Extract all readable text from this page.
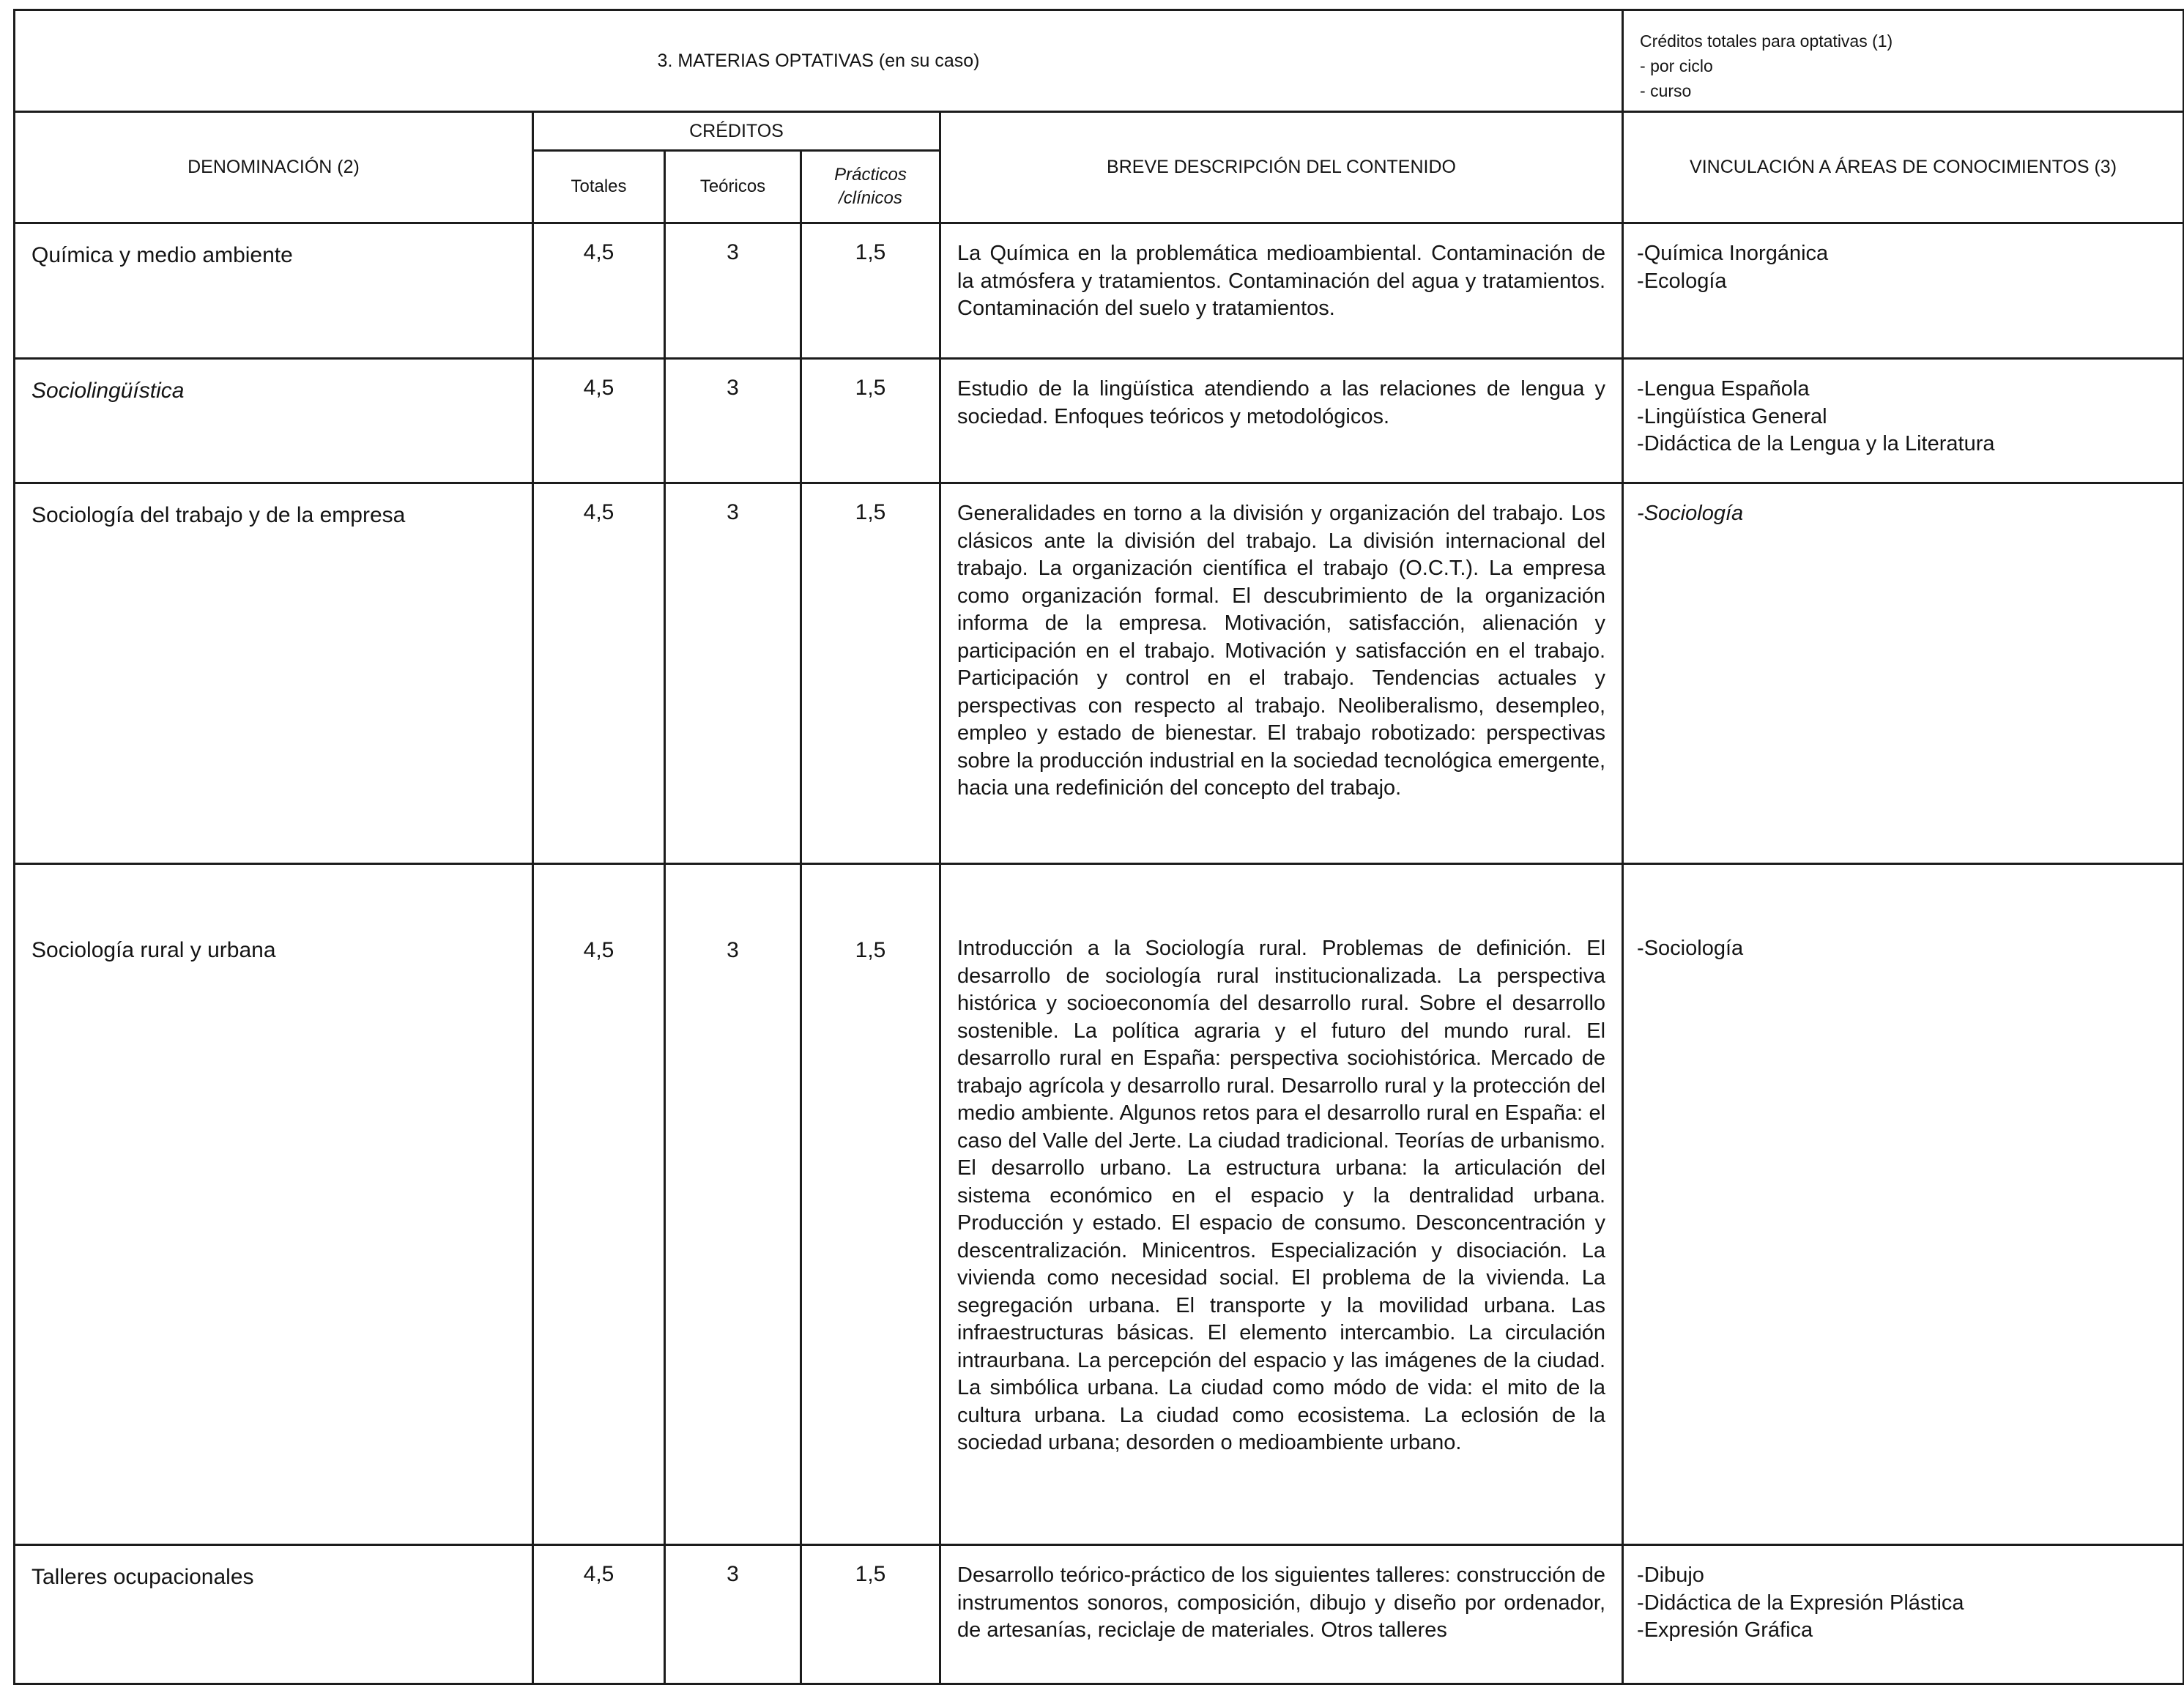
3. MATERIAS OPTATIVAS (en su caso)					Créditos totales para optativas (1)
- por ciclo
- curso

DENOMINACIÓN (2)	CRÉDITOS			BREVE DESCRIPCIÓN DEL CONTENIDO	VINCULACIÓN A ÁREAS DE CONOCIMIENTOS (3)
	Totales	Teóricos	Prácticos
/clínicos		
Química y medio ambiente	4,5	3	1,5	La Química en la problemática medioambiental. Contaminación de la atmósfera y tratamientos. Contaminación del agua y tratamientos. Contaminación del suelo y tratamientos.	-Química Inorgánica
-Ecología

Sociolingüística	4,5	3	1,5	Estudio de la lingüística atendiendo a las relaciones de lengua y sociedad. Enfoques teóricos y metodológicos.	-Lengua Española
-Lingüística General
-Didáctica de la Lengua y la Literatura

Sociología del trabajo y de la empresa	4,5	3	1,5	Generalidades en torno a la división y organización del trabajo. Los clásicos ante la división del trabajo. La división internacional del trabajo. La organización científica el trabajo (O.C.T.). La empresa como organización formal. El descubrimiento de la organización informa de la empresa. Motivación, satisfacción, alienación y participación en el trabajo. Motivación y satisfacción en el trabajo. Participación y control en el trabajo. Tendencias actuales y perspectivas con respecto al trabajo. Neoliberalismo, desempleo, empleo y estado de bienestar. El trabajo robotizado: perspectivas sobre la producción industrial en la sociedad tecnológica emergente, hacia una redefinición del concepto del trabajo.	-Sociología

Sociología rural y urbana	4,5	3	1,5	Introducción a la Sociología rural. Problemas de definición. El desarrollo de sociología rural institucionalizada. La perspectiva histórica y socioeconomía del desarrollo rural. Sobre el desarrollo sostenible. La política agraria y el futuro del mundo rural. El desarrollo rural en España: perspectiva sociohistórica. Mercado de trabajo agrícola y desarrollo rural. Desarrollo rural y la protección del medio ambiente. Algunos retos para el desarrollo rural en España: el caso del Valle del Jerte. La ciudad tradicional. Teorías de urbanismo. El desarrollo urbano. La estructura urbana: la articulación del sistema económico en el espacio y la dentralidad urbana. Producción y estado. El espacio de consumo. Desconcentración y descentralización. Minicentros. Especialización y disociación. La vivienda como necesidad social. El problema de la vivienda. La segregación urbana. El transporte y la movilidad urbana. Las infraestructuras básicas. El elemento intercambio. La circulación intraurbana. La percepción del espacio y las imágenes de la ciudad. La simbólica urbana. La ciudad como módo de vida: el mito de la cultura urbana. La ciudad como ecosistema. La eclosión de la sociedad urbana; desorden o medioambiente urbano.	-Sociología

Talleres ocupacionales	4,5	3	1,5	Desarrollo teórico-práctico de los siguientes talleres: construcción de instrumentos sonoros, composición, dibujo y diseño por ordenador, de artesanías, reciclaje de materiales. Otros talleres	-Dibujo
-Didáctica de la Expresión Plástica
-Expresión Gráfica
